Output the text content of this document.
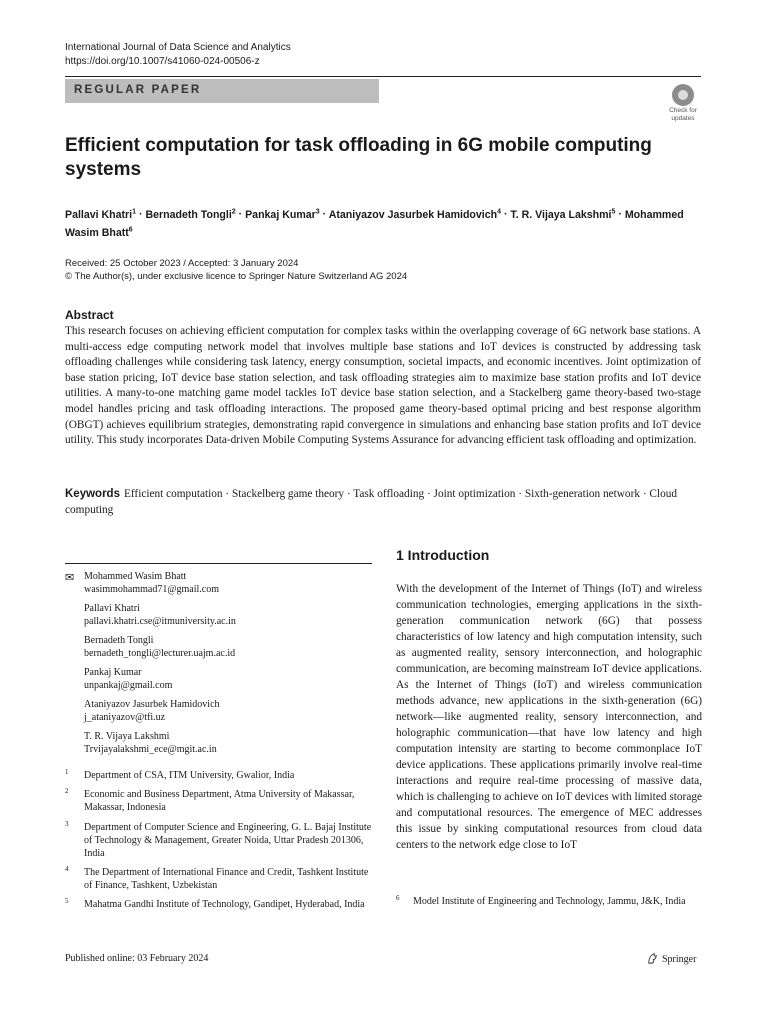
International Journal of Data Science and Analytics
https://doi.org/10.1007/s41060-024-00506-z
REGULAR PAPER
Check for updates
Efficient computation for task offloading in 6G mobile computing systems
Pallavi Khatri$^1$ · Bernadeth Tongli$^2$ · Pankaj Kumar$^3$ · Ataniyazov Jasurbek Hamidovich$^4$ · T. R. Vijaya Lakshmi$^5$ · Mohammed Wasim Bhatt$^6$
Received: 25 October 2023 / Accepted: 3 January 2024
© The Author(s), under exclusive licence to Springer Nature Switzerland AG 2024
Abstract
This research focuses on achieving efficient computation for complex tasks within the overlapping coverage of 6G network base stations. A multi-access edge computing network model that involves multiple base stations and IoT devices is constructed by addressing task offloading challenges while considering task latency, energy consumption, societal impacts, and economic incentives. Joint optimization of base station pricing, IoT device base station selection, and task offloading strategies aim to maximize base station profits and IoT device utilities. A many-to-one matching game model tackles IoT device base station selection, and a Stackelberg game theory-based two-stage model handles pricing and task offloading interactions. The proposed game theory-based optimal pricing and best response algorithm (OBGT) achieves equilibrium strategies, demonstrating rapid convergence in simulations and enhancing base station profits and IoT device utility. This study incorporates Data-driven Mobile Computing Systems Assurance for advancing efficient task offloading and optimization.
Keywords Efficient computation · Stackelberg game theory · Task offloading · Joint optimization · Sixth-generation network · Cloud computing
✉ Mohammed Wasim Bhatt
wasimmohammad71@gmail.com
Pallavi Khatri
pallavi.khatri.cse@itmuniversity.ac.in
Bernadeth Tongli
bernadeth_tongli@lecturer.uajm.ac.id
Pankaj Kumar
unpankaj@gmail.com
Ataniyazov Jasurbek Hamidovich
j_ataniyazov@tfi.uz
T. R. Vijaya Lakshmi
Trvijayalakshmi_ece@mgit.ac.in
1 Department of CSA, ITM University, Gwalior, India
2 Economic and Business Department, Atma University of Makassar, Makassar, Indonesia
3 Department of Computer Science and Engineering, G. L. Bajaj Institute of Technology & Management, Greater Noida, Uttar Pradesh 201306, India
4 The Department of International Finance and Credit, Tashkent Institute of Finance, Tashkent, Uzbekistan
5 Mahatma Gandhi Institute of Technology, Gandipet, Hyderabad, India
1 Introduction
With the development of the Internet of Things (IoT) and wireless communication technologies, emerging applications in the sixth-generation communication network (6G) that possess characteristics of low latency and high computation intensity, such as augmented reality, sensory interconnection, and holographic communication, are becoming mainstream IoT device applications. As the Internet of Things (IoT) and wireless communication methods advance, new applications in the sixth-generation (6G) network—like augmented reality, sensory interconnection, and holographic communication—that have low latency and high computation intensity are starting to become commonplace IoT device applications. These applications primarily involve real-time interactions and require real-time processing of massive data, which is challenging to achieve on IoT devices with limited storage and computational resources. The emergence of MEC addresses this issue by sinking computational resources from cloud data centers to the network edge close to IoT
6 Model Institute of Engineering and Technology, Jammu, J&K, India
Published online: 03 February 2024	Springer
